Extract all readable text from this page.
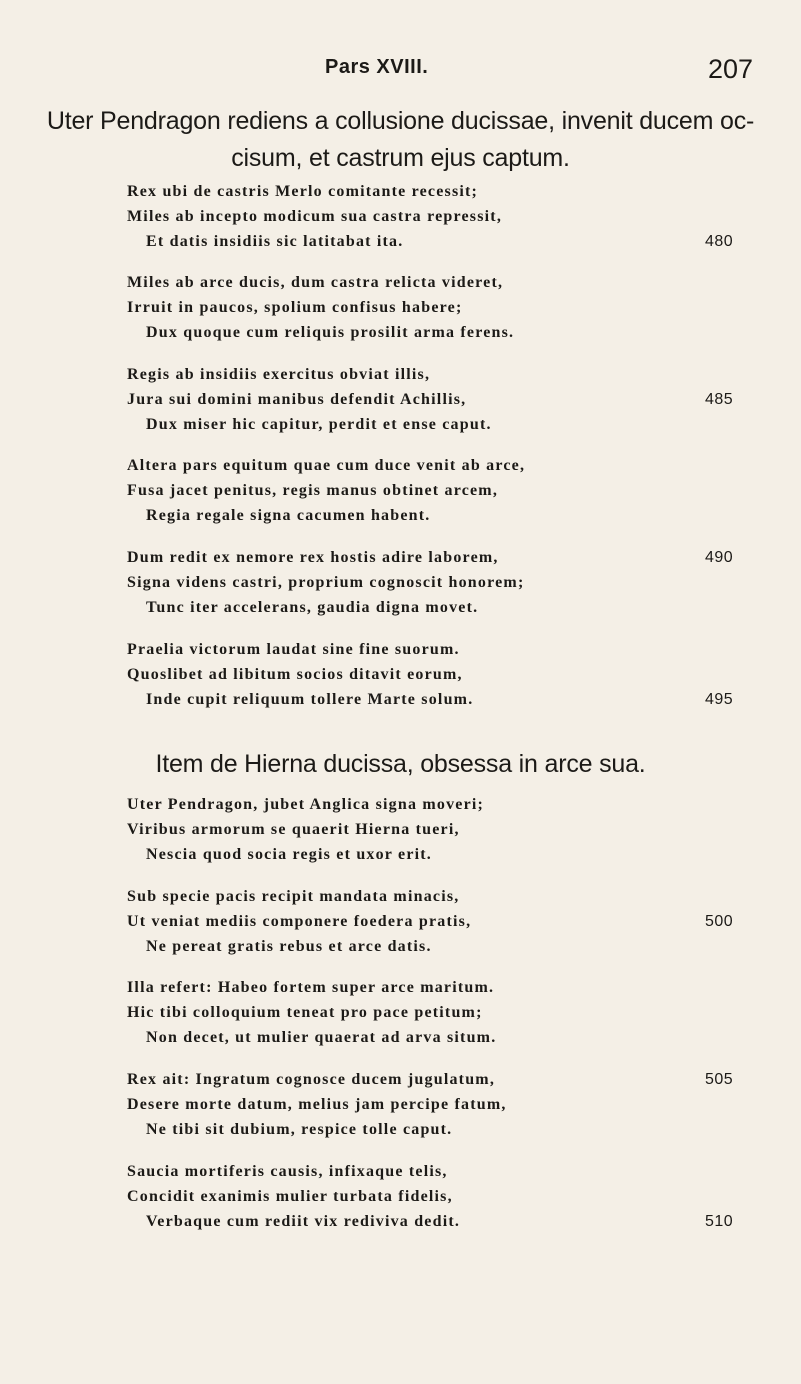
Pars XVIII.	207
Uter Pendragon rediens a collusione ducissae, invenit ducem oc-
cisum, et castrum ejus captum.
Rex ubi de castris Merlo comitante recessit;
Miles ab incepto modicum sua castra repressit,
Et datis insidiis sic latitabat ita.	480
Miles ab arce ducis, dum castra relicta videret,
Irruit in paucos, spolium confisus habere;
Dux quoque cum reliquis prosilit arma ferens.
Regis ab insidiis exercitus obviat illis,
Jura sui domini manibus defendit Achillis,	485
Dux miser hic capitur, perdit et ense caput.
Altera pars equitum quae cum duce venit ab arce,
Fusa jacet penitus, regis manus obtinet arcem,
Regia regale signa cacumen habent.
Dum redit ex nemore rex hostis adire laborem,	490
Signa videns castri, proprium cognoscit honorem;
Tunc iter accelerans, gaudia digna movet.
Praelia victorum laudat sine fine suorum.
Quoslibet ad libitum socios ditavit eorum,
Inde cupit reliquum tollere Marte solum.	495
Item de Hierna ducissa, obsessa in arce sua.
Uter Pendragon, jubet Anglica signa moveri;
Viribus armorum se quaerit Hierna tueri,
Nescia quod socia regis et uxor erit.
Sub specie pacis recipit mandata minacis,
Ut veniat mediis componere foedera pratis,	500
Ne pereat gratis rebus et arce datis.
Illa refert: Habeo fortem super arce maritum.
Hic tibi colloquium teneat pro pace petitum;
Non decet, ut mulier quaerat ad arva situm.
Rex ait: Ingratum cognosce ducem jugulatum,	505
Desere morte datum, melius jam percipe fatum,
Ne tibi sit dubium, respice tolle caput.
Saucia mortiferis causis, infixaque telis,
Concidit exanimis mulier turbata fidelis,
Verbaque cum rediit vix rediviva dedit.	510
